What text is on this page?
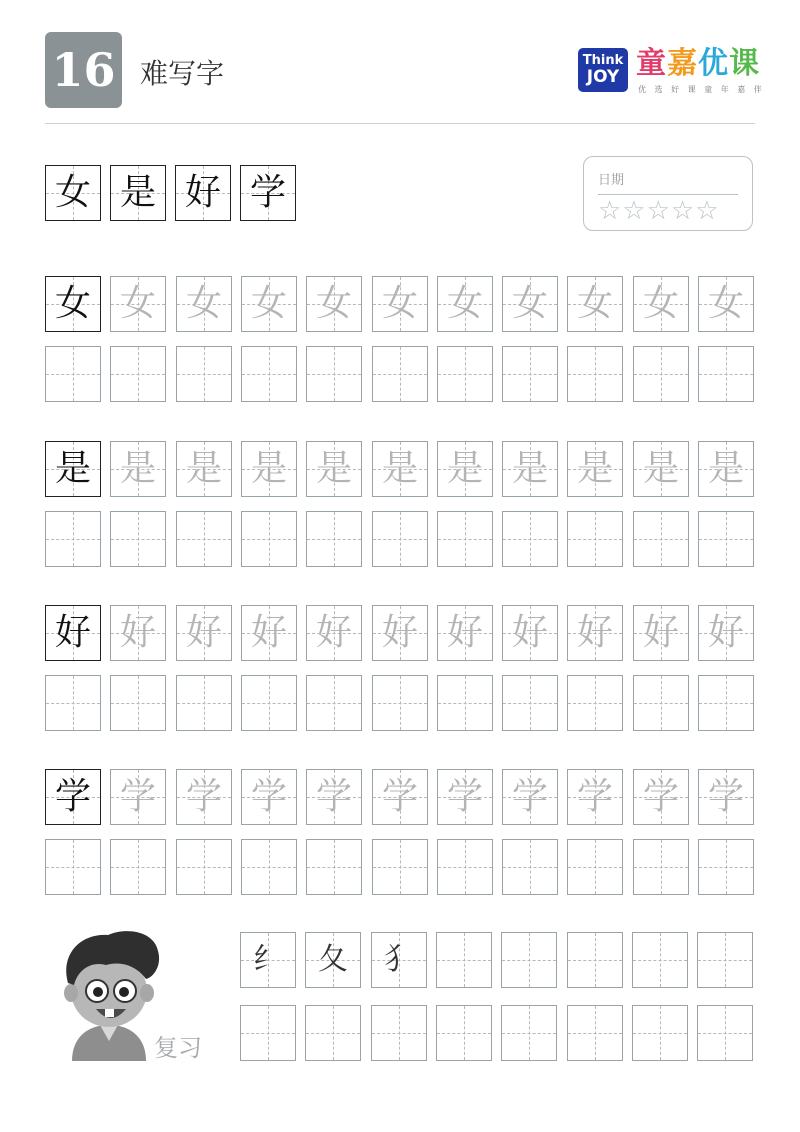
16 难写字	Think
JOY 童嘉优课
优 选 好 课 童 年 嘉 伴
女 是 好 学	日期
☆☆☆☆☆
女 女 女 女 女 女 女 女 女 女 女
是 是 是 是 是 是 是 是 是 是 是
好 好 好 好 好 好 好 好 好 好 好
学 学 学 学 学 学 学 学 学 学 学
复习
纟	夂	犭
